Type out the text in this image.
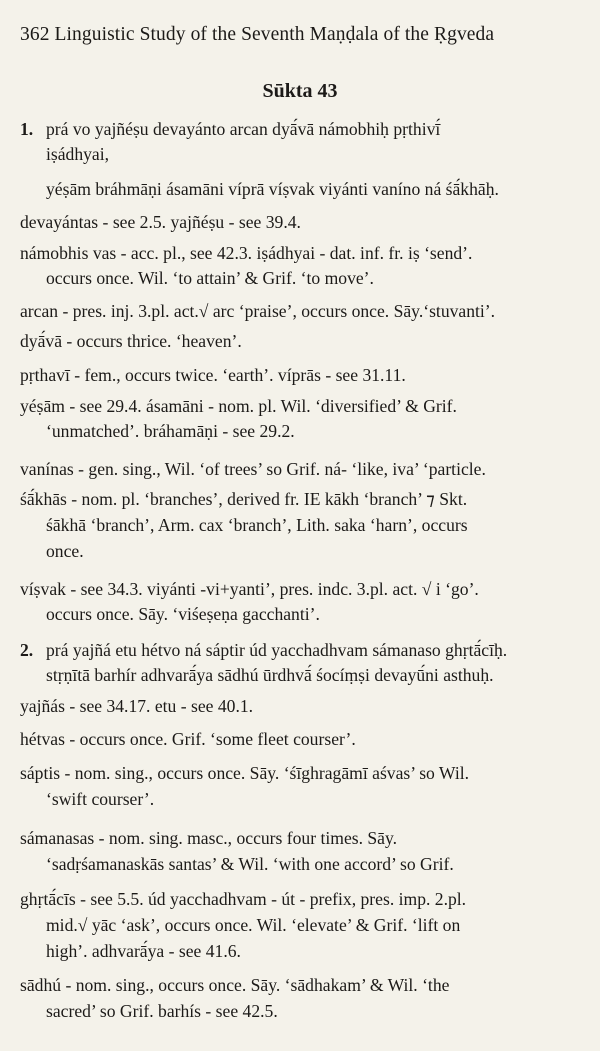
362 Linguistic Study of the Seventh Maṇḍala of the Ṛgveda
Sūkta 43
1. prá vo yajñéṣu devayánto arcan dyā́vā námobhiḥ pṛthivī́
iṣádhyai,
yéṣām bráhmāṇi ásamāni víprā víṣvak viyánti vaníno ná śā́khāḥ.
devayántas - see 2.5. yajñéṣu - see 39.4.
námobhis vas - acc. pl., see 42.3. iṣádhyai - dat. inf. fr. iṣ ‘send’.
occurs once. Wil. ‘to attain’ & Grif. ‘to move’.
arcan - pres. inj. 3.pl. act.√ arc ‘praise’, occurs once. Sāy.‘stuvanti’.
dyā́vā - occurs thrice. ‘heaven’.
pṛthavī - fem., occurs twice. ‘earth’. víprās - see 31.11.
yéṣām - see 29.4. ásamāni - nom. pl. Wil. ‘diversified’ & Grif.
‘unmatched’. bráhamāṇi - see 29.2.
vanínas - gen. sing., Wil. ‘of trees’ so Grif. ná- ‘like, iva’ ‘particle.
śā́khās - nom. pl. ‘branches’, derived fr. IE kākh ‘branch’ ⁊ Skt.
śākhā ‘branch’, Arm. cax ‘branch’, Lith. saka ‘harn’, occurs
once.
víṣvak - see 34.3. viyánti -vi+yanti’, pres. indc. 3.pl. act. √ i ‘go’.
occurs once. Sāy. ‘viśeṣeṇa gacchanti’.
2. prá yajñá etu hétvo ná sáptir úd yacchadhvam sámanaso ghṛtā́cīḥ.
stṛṇītā barhír adhvarā́ya sādhú ūrdhvā́ śocíṃṣi devayū́ni asthuḥ.
yajñás - see 34.17. etu - see 40.1.
hétvas - occurs once. Grif. ‘some fleet courser’.
sáptis - nom. sing., occurs once. Sāy. ‘śīghragāmī aśvas’ so Wil.
‘swift courser’.
sámanasas - nom. sing. masc., occurs four times. Sāy.
‘sadṛśamanaskās santas’ & Wil. ‘with one accord’ so Grif.
ghṛtā́cīs - see 5.5. úd yacchadhvam - út - prefix, pres. imp. 2.pl.
mid.√ yāc ‘ask’, occurs once. Wil. ‘elevate’ & Grif. ‘lift on
high’. adhvarā́ya - see 41.6.
sādhú - nom. sing., occurs once. Sāy. ‘sādhakam’ & Wil. ‘the
sacred’ so Grif. barhís - see 42.5.
